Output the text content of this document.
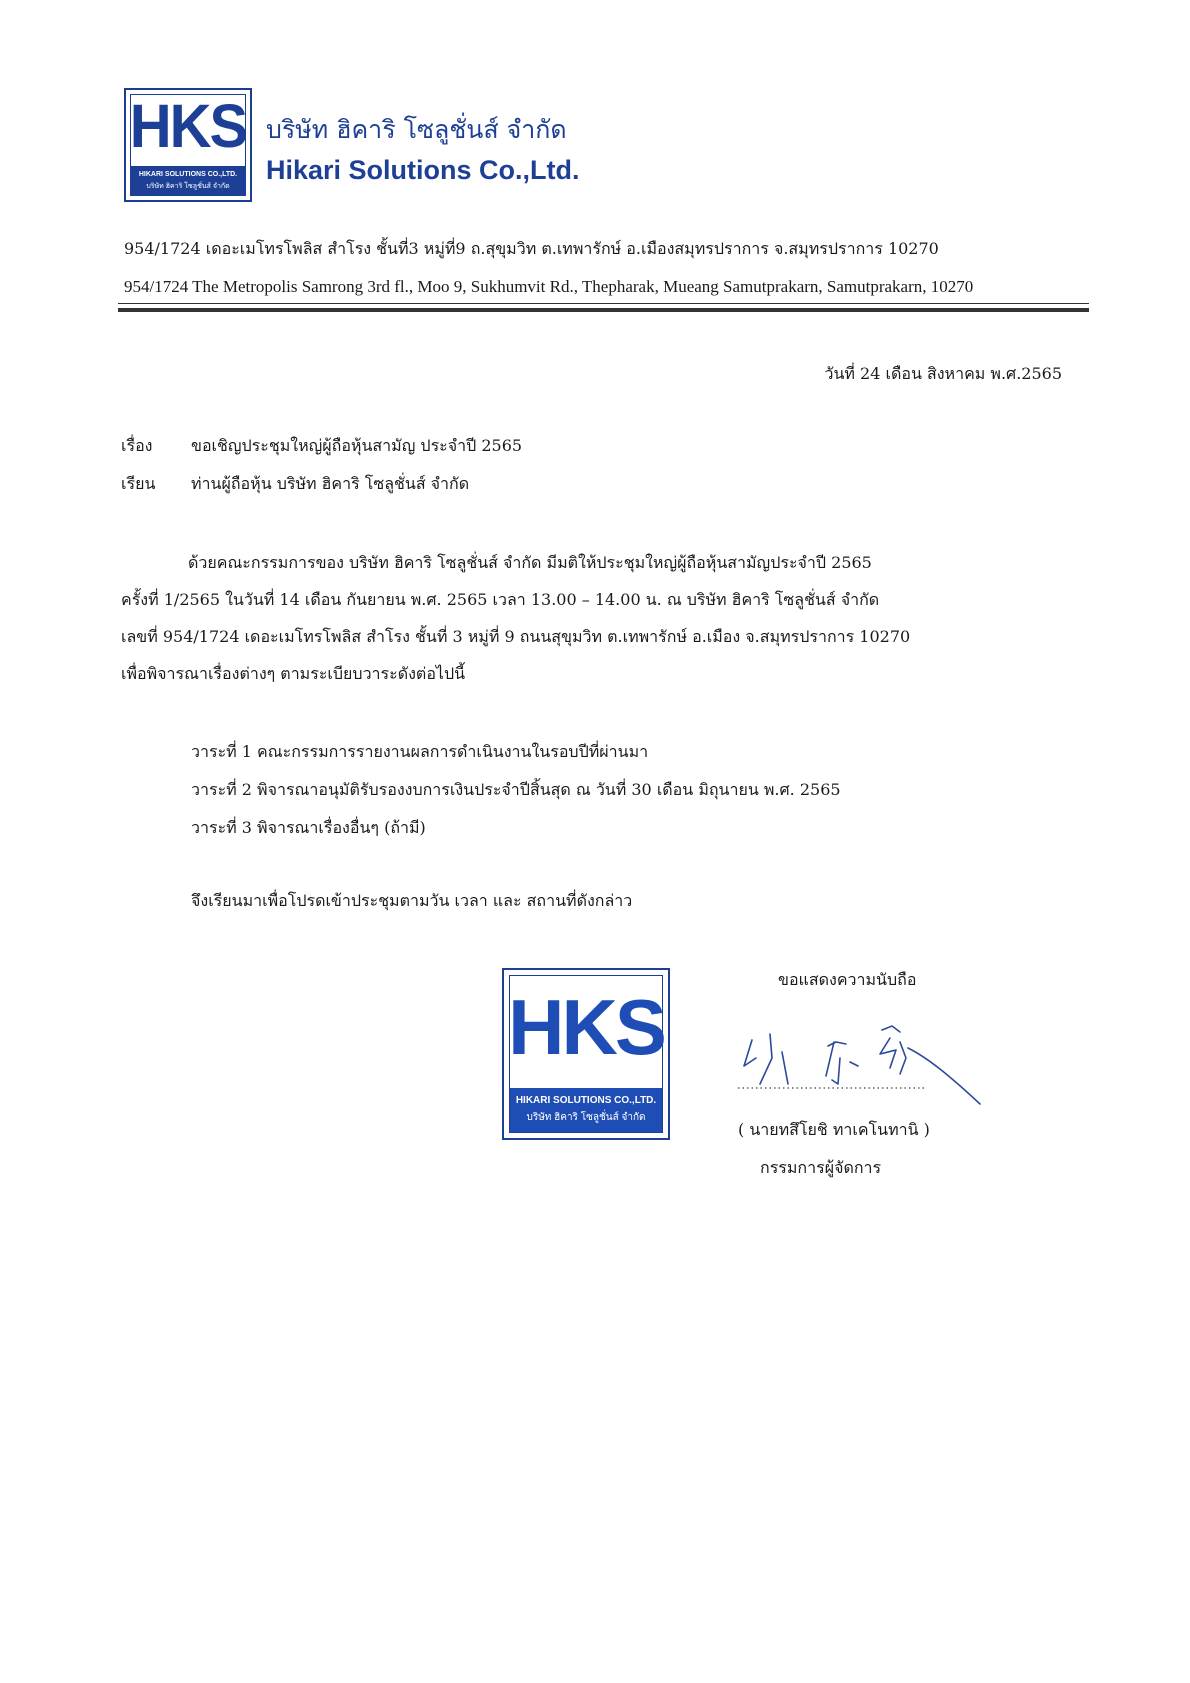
HKS
HIKARI SOLUTIONS CO.,LTD.
บริษัท ฮิคาริ โซลูชั่นส์ จำกัด
บริษัท ฮิคาริ โซลูชั่นส์ จำกัด
Hikari Solutions Co.,Ltd.
954/1724 เดอะเมโทรโพลิส สำโรง ชั้นที่3 หมู่ที่9 ถ.สุขุมวิท ต.เทพารักษ์ อ.เมืองสมุทรปราการ จ.สมุทรปราการ 10270
954/1724 The Metropolis Samrong 3rd fl., Moo 9, Sukhumvit Rd., Thepharak, Mueang Samutprakarn, Samutprakarn, 10270
วันที่ 24 เดือน สิงหาคม พ.ศ.2565
เรื่อง ขอเชิญประชุมใหญ่ผู้ถือหุ้นสามัญ ประจำปี 2565
เรียน ท่านผู้ถือหุ้น บริษัท ฮิคาริ โซลูชั่นส์ จำกัด
ด้วยคณะกรรมการของ บริษัท ฮิคาริ โซลูชั่นส์ จำกัด มีมติให้ประชุมใหญ่ผู้ถือหุ้นสามัญประจำปี 2565
ครั้งที่ 1/2565 ในวันที่ 14 เดือน กันยายน พ.ศ. 2565 เวลา 13.00 – 14.00 น. ณ บริษัท ฮิคาริ โซลูชั่นส์ จำกัด
เลขที่ 954/1724 เดอะเมโทรโพลิส สำโรง ชั้นที่ 3 หมู่ที่ 9 ถนนสุขุมวิท ต.เทพารักษ์ อ.เมือง จ.สมุทรปราการ 10270
เพื่อพิจารณาเรื่องต่างๆ ตามระเบียบวาระดังต่อไปนี้
วาระที่ 1 คณะกรรมการรายงานผลการดำเนินงานในรอบปีที่ผ่านมา
วาระที่ 2 พิจารณาอนุมัติรับรองงบการเงินประจำปีสิ้นสุด ณ วันที่ 30 เดือน มิถุนายน พ.ศ. 2565
วาระที่ 3 พิจารณาเรื่องอื่นๆ (ถ้ามี)
จึงเรียนมาเพื่อโปรดเข้าประชุมตามวัน เวลา และ สถานที่ดังกล่าว
HKS
HIKARI SOLUTIONS CO.,LTD.
บริษัท ฮิคาริ โซลูชั่นส์ จำกัด
ขอแสดงความนับถือ
( นายทสึโยชิ ทาเคโนทานิ )
กรรมการผู้จัดการ
